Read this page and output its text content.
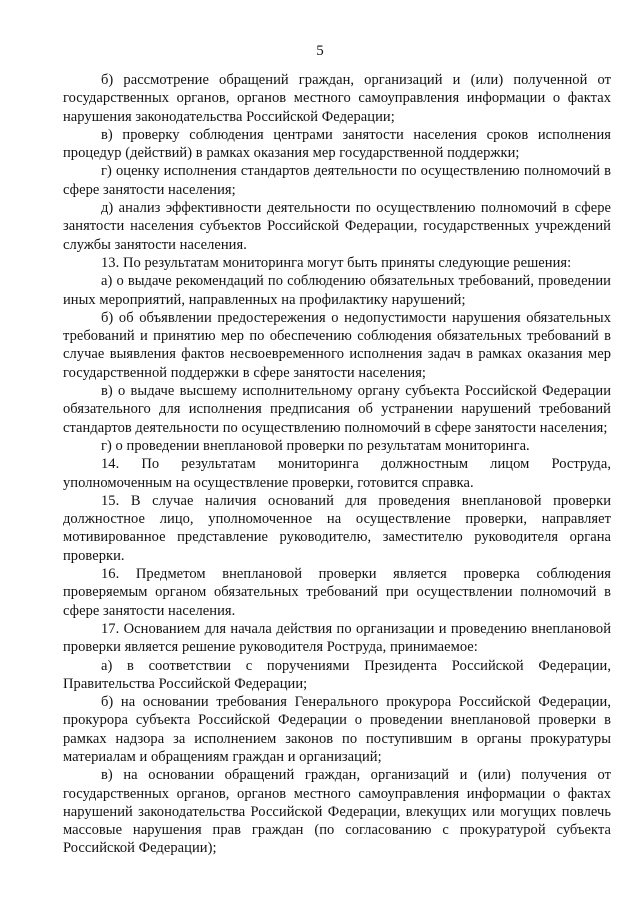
5

б) рассмотрение обращений граждан, организаций и (или) полученной от государственных органов, органов местного самоуправления информации о фактах нарушения законодательства Российской Федерации;

в) проверку соблюдения центрами занятости населения сроков исполнения процедур (действий) в рамках оказания мер государственной поддержки;

г) оценку исполнения стандартов деятельности по осуществлению полномочий в сфере занятости населения;

д) анализ эффективности деятельности по осуществлению полномочий в сфере занятости населения субъектов Российской Федерации, государственных учреждений службы занятости населения.

13. По результатам мониторинга могут быть приняты следующие решения:

а) о выдаче рекомендаций по соблюдению обязательных требований, проведении иных мероприятий, направленных на профилактику нарушений;

б) об объявлении предостережения о недопустимости нарушения обязательных требований и принятию мер по обеспечению соблюдения обязательных требований в случае выявления фактов несвоевременного исполнения задач в рамках оказания мер государственной поддержки в сфере занятости населения;

в) о выдаче высшему исполнительному органу субъекта Российской Федерации обязательного для исполнения предписания об устранении нарушений требований стандартов деятельности по осуществлению полномочий в сфере занятости населения;

г) о проведении внеплановой проверки по результатам мониторинга.

14. По результатам мониторинга должностным лицом Роструда, уполномоченным на осуществление проверки, готовится справка.

15. В случае наличия оснований для проведения внеплановой проверки должностное лицо, уполномоченное на осуществление проверки, направляет мотивированное представление руководителю, заместителю руководителя органа проверки.

16. Предметом внеплановой проверки является проверка соблюдения проверяемым органом обязательных требований при осуществлении полномочий в сфере занятости населения.

17. Основанием для начала действия по организации и проведению внеплановой проверки является решение руководителя Роструда, принимаемое:

а) в соответствии с поручениями Президента Российской Федерации, Правительства Российской Федерации;

б) на основании требования Генерального прокурора Российской Федерации, прокурора субъекта Российской Федерации о проведении внеплановой проверки в рамках надзора за исполнением законов по поступившим в органы прокуратуры материалам и обращениям граждан и организаций;

в) на основании обращений граждан, организаций и (или) получения от государственных органов, органов местного самоуправления информации о фактах нарушений законодательства Российской Федерации, влекущих или могущих повлечь массовые нарушения прав граждан (по согласованию с прокуратурой субъекта Российской Федерации);
